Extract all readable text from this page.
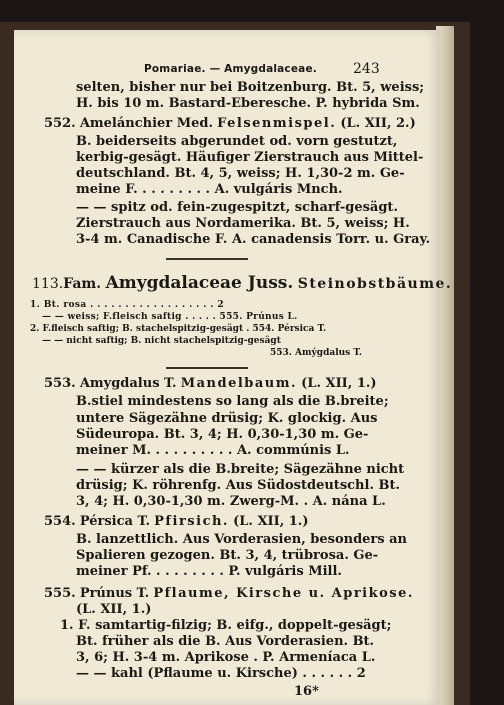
Pomariae. — Amygdalaceae.	243
selten, bisher nur bei Boitzenburg. Bt. 5, weiss;
H. bis 10 m. Bastard-Eberesche. P. hybrida Sm.
552. Amelánchier Med. Felsenmispel. (L. XII, 2.)
B. beiderseits abgerundet od. vorn gestutzt,
kerbig-gesägt. Häufiger Zierstrauch aus Mittel-
deutschland. Bt. 4, 5, weiss; H. 1,30-2 m. Ge-
meine F. . . . . . . . . A. vulgáris Mnch.
— — spitz od. fein-zugespitzt, scharf-gesägt.
Zierstrauch aus Nordamerika. Bt. 5, weiss; H.
3-4 m. Canadische F. A. canadensis Torr. u. Gray.
113.Fam. Amygdalaceae Juss. Steinobstbäume.
1. Bt. rosa . . . . . . . . . . . . . . . . . . 2
— — weiss; F.fleisch saftig . . . . . 555. Prúnus L.
2. F.fleisch saftig; B. stachelspitzig-gesägt . 554. Pérsica T.
— — nicht saftig; B. nicht stachelspitzig-gesägt
553. Amýgdalus T.
553. Amygdalus T. Mandelbaum. (L. XII, 1.)
B.stiel mindestens so lang als die B.breite;
untere Sägezähne drüsig; K. glockig. Aus
Südeuropa. Bt. 3, 4; H. 0,30-1,30 m. Ge-
meiner M. . . . . . . . . . A. commúnis L.
— — kürzer als die B.breite; Sägezähne nicht
drüsig; K. röhrenfg. Aus Südostdeutschl. Bt.
3, 4; H. 0,30-1,30 m. Zwerg-M. . A. nána L.
554. Pérsica T. Pfirsich. (L. XII, 1.)
B. lanzettlich. Aus Vorderasien, besonders an
Spalieren gezogen. Bt. 3, 4, trübrosa. Ge-
meiner Pf. . . . . . . . . P. vulgáris Mill.
555. Prúnus T. Pflaume, Kirsche u. Aprikose.
(L. XII, 1.)
1. F. samtartig-filzig; B. eifg., doppelt-gesägt;
Bt. früher als die B. Aus Vorderasien. Bt.
3, 6; H. 3-4 m. Aprikose . P. Armeníaca L.
— — kahl (Pflaume u. Kirsche) . . . . . . 2
16*
